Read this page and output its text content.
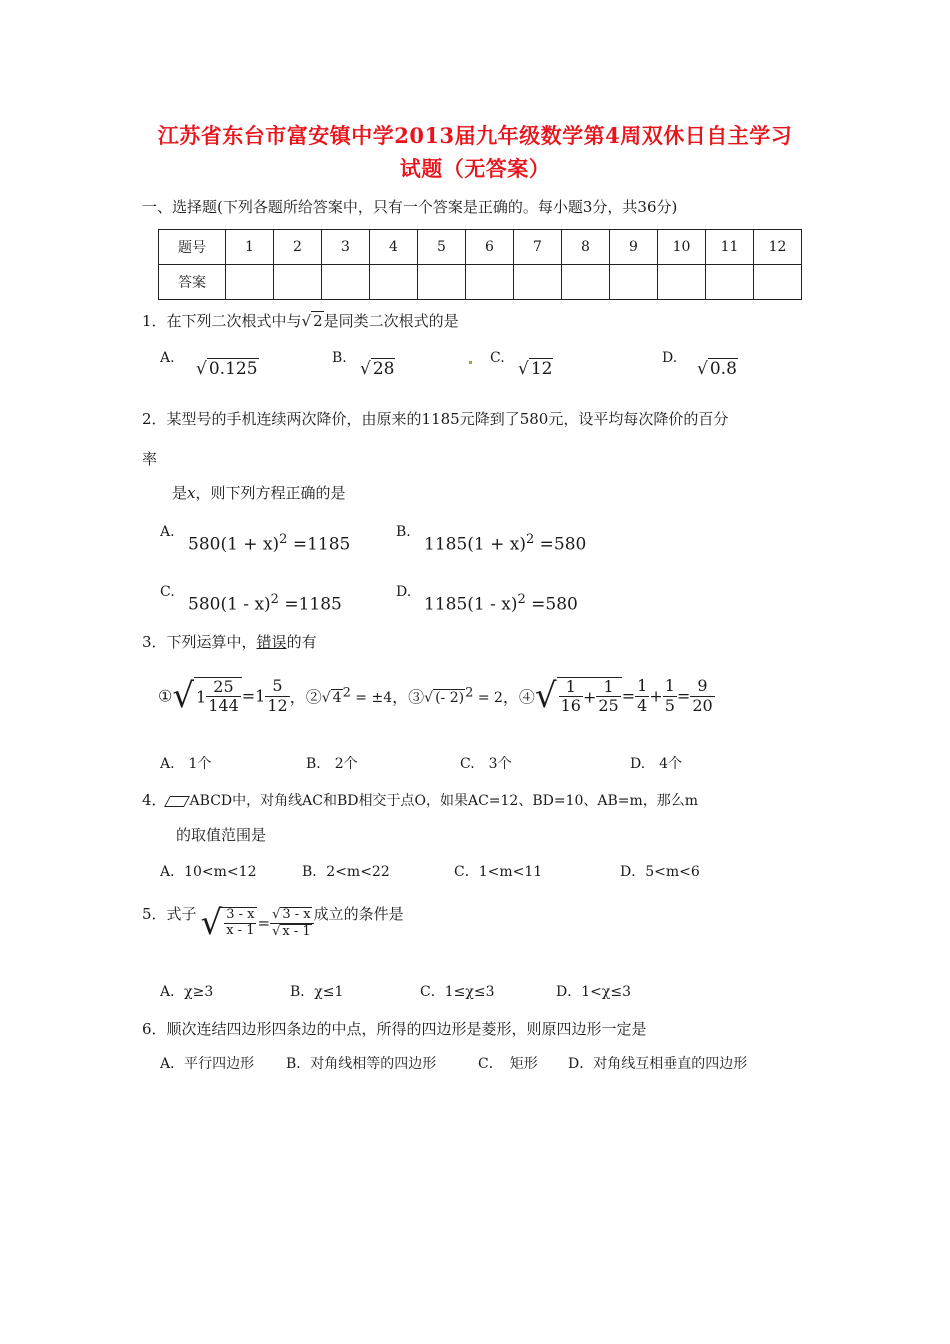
江苏省东台市富安镇中学2013届九年级数学第4周双休日自主学习
试题（无答案）
一、选择题(下列各题所给答案中，只有一个答案是正确的。每小题3分，共36分)
题号	1	2	3	4	5	6	7	8	9	10	11	12
答案												
1．在下列二次根式中与√ 2是同类二次根式的是
A.
√ 0.125
B.
√ 28
C.
√ 12
D.
√ 0.8
2．某型号的手机连续两次降价，由原来的1185元降到了580元，设平均每次降价的百分
率
是x，则下列方程正确的是
A.
$580(1 + x)^2 =1185$
B.
$1185(1 + x)^2 =580$
C.
580(1 - x)$^2$ =1185
D.
1185(1 - x)$^2$ =580
3．下列运算中，错误的有
①√ $1 \frac{25}{144} =1 \frac{5}{12}$ ，②√ $4^2 = \pm 4$，③√ (- 2)$^2$ = 2，④√ $\frac{1}{16} + \frac{1}{25} = \frac{1}{4} + \frac{1}{5} = \frac{9}{20}$
A.　1个	B.　2个	C.　3个	D.　4个
4． ABCD中，对角线AC和BD相交于点O，如果AC=12、BD=10、AB=m，那么m
的取值范围是
A．10<m<12	B．2<m<22	C．1<m<11	D．5<m<6
5．式子 √ $\frac{3 - x}{x - 1} = \frac{√ 3 - x}{√ x - 1}$ 成立的条件是
A．χ≥3	B．χ≤1	C．1≤χ≤3	D．1<χ≤3
6．顺次连结四边形四条边的中点，所得的四边形是菱形，则原四边形一定是
A．平行四边形 B．对角线相等的四边形	C．　矩形 D．对角线互相垂直的四边形
